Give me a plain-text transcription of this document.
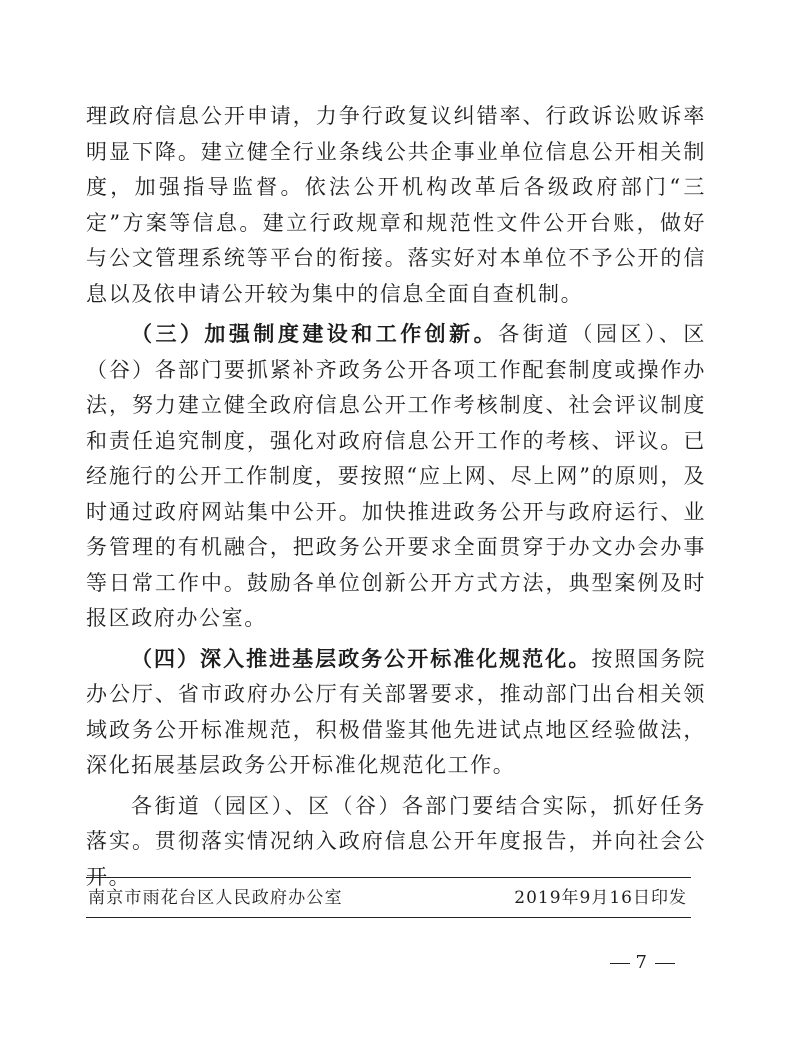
理政府信息公开申请，力争行政复议纠错率、行政诉讼败诉率明显下降。建立健全行业条线公共企事业单位信息公开相关制度，加强指导监督。依法公开机构改革后各级政府部门“三定”方案等信息。建立行政规章和规范性文件公开台账，做好与公文管理系统等平台的衔接。落实好对本单位不予公开的信息以及依申请公开较为集中的信息全面自查机制。

（三）加强制度建设和工作创新。各街道（园区）、区（谷）各部门要抓紧补齐政务公开各项工作配套制度或操作办法，努力建立健全政府信息公开工作考核制度、社会评议制度和责任追究制度，强化对政府信息公开工作的考核、评议。已经施行的公开工作制度，要按照“应上网、尽上网”的原则，及时通过政府网站集中公开。加快推进政务公开与政府运行、业务管理的有机融合，把政务公开要求全面贯穿于办文办会办事等日常工作中。鼓励各单位创新公开方式方法，典型案例及时报区政府办公室。

（四）深入推进基层政务公开标准化规范化。按照国务院办公厅、省市政府办公厅有关部署要求，推动部门出台相关领域政务公开标准规范，积极借鉴其他先进试点地区经验做法，深化拓展基层政务公开标准化规范化工作。

各街道（园区）、区（谷）各部门要结合实际，抓好任务落实。贯彻落实情况纳入政府信息公开年度报告，并向社会公开。

南京市雨花台区人民政府办公室	2019年9月16日印发
7
